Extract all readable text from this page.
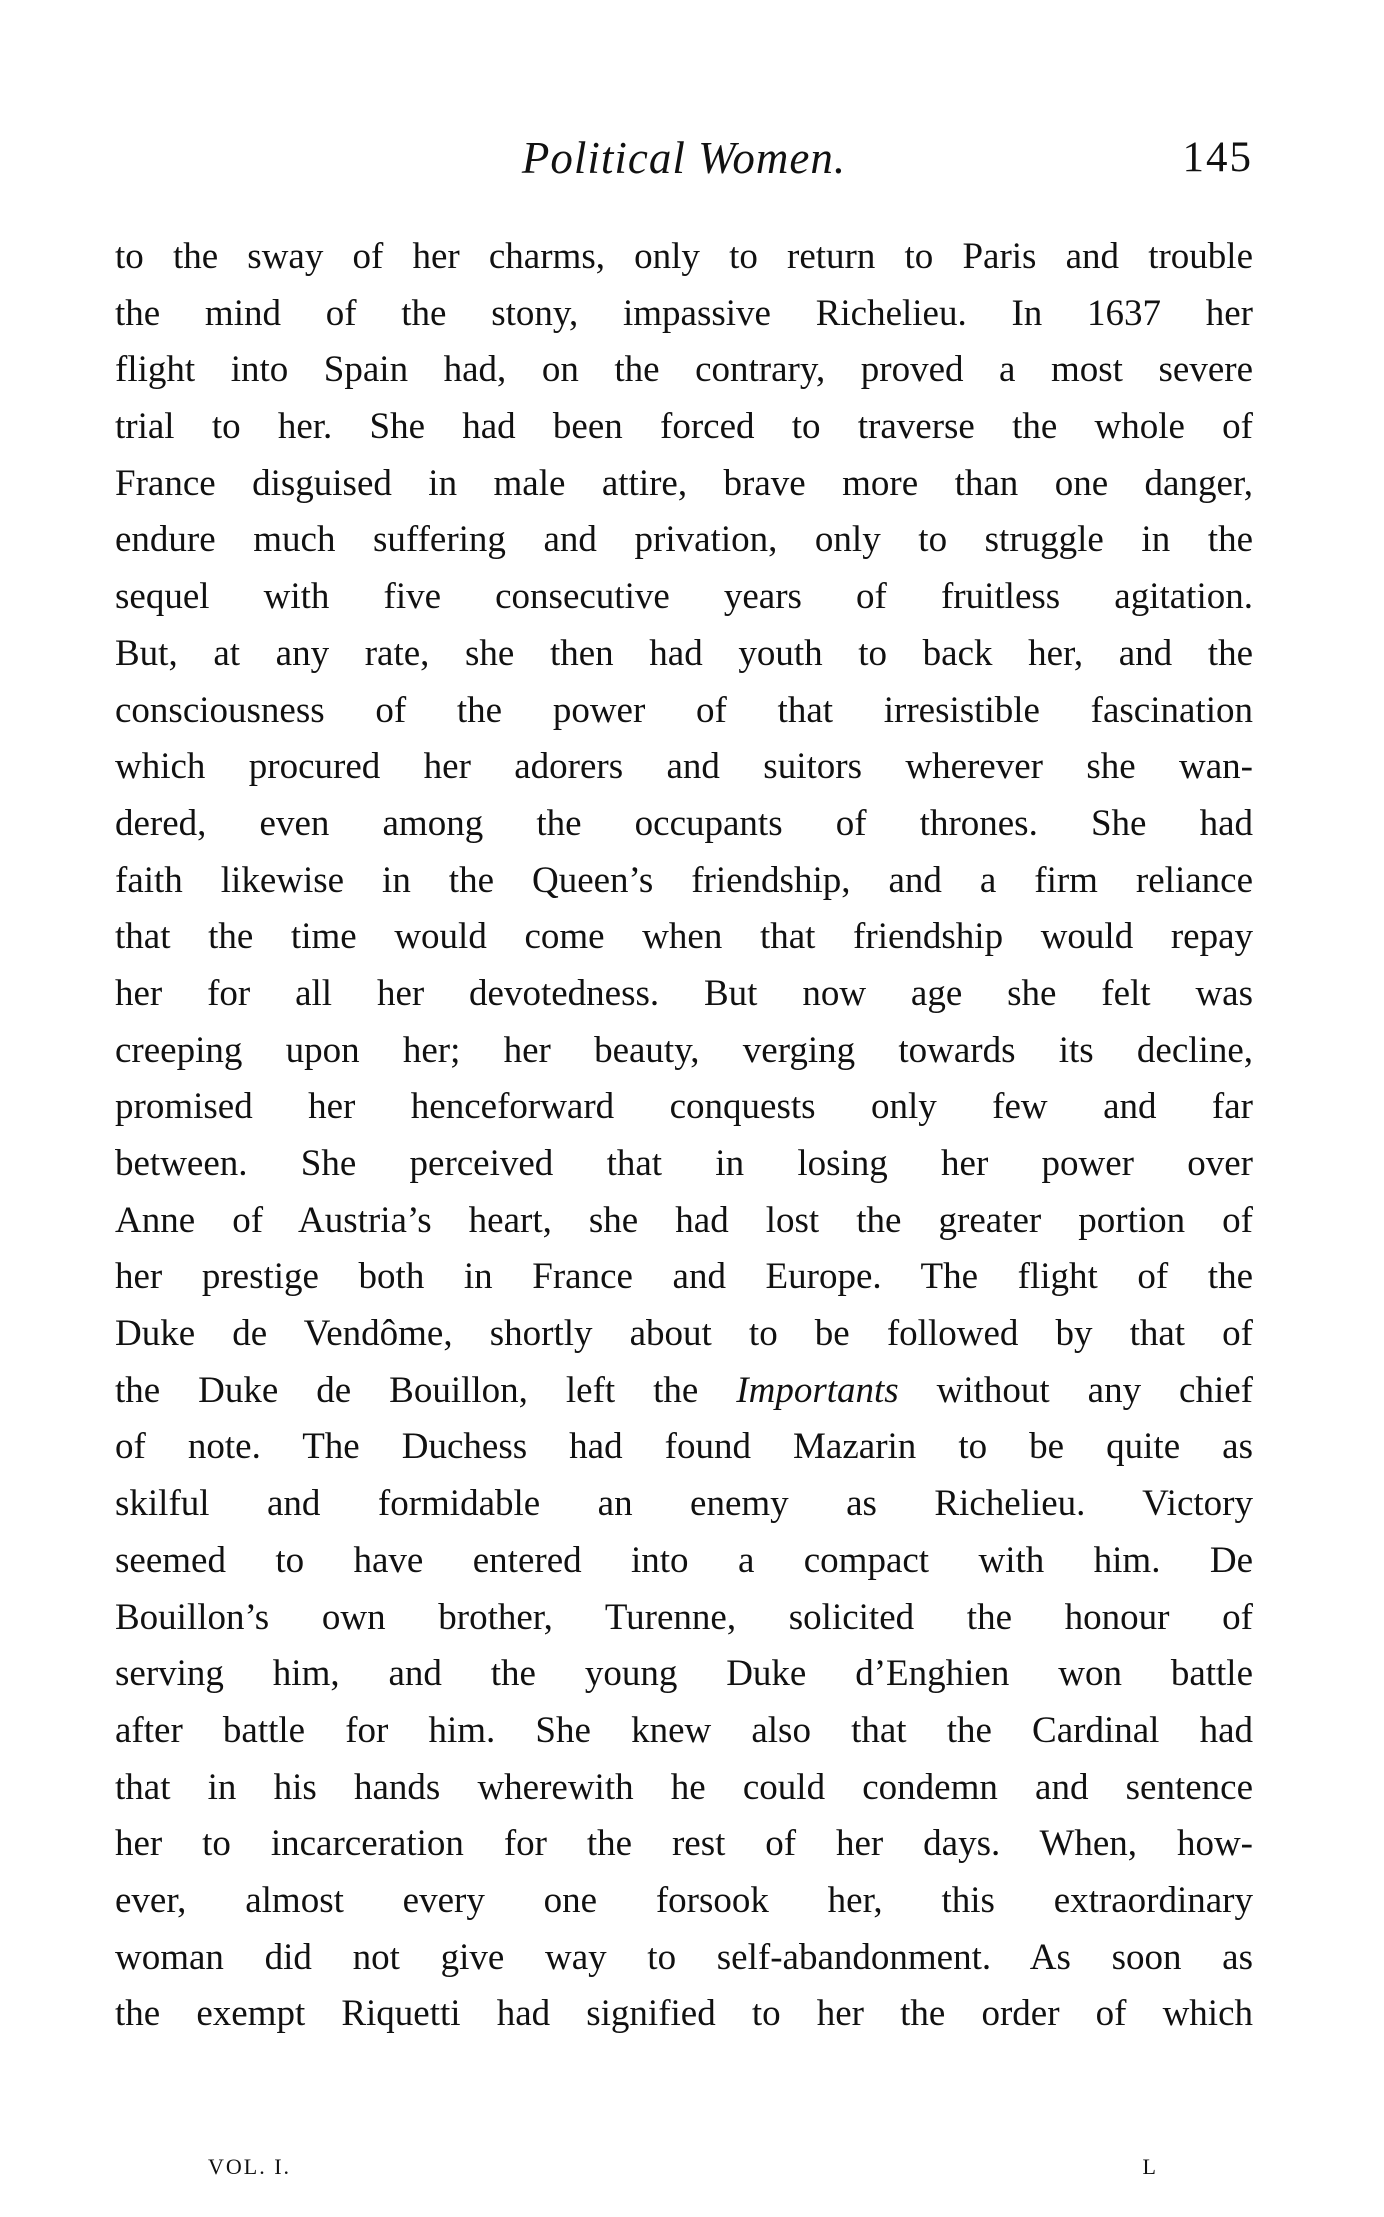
Political Women.	145
to the sway of her charms, only to return to Paris and trouble
the mind of the stony, impassive Richelieu. In 1637 her
flight into Spain had, on the contrary, proved a most severe
trial to her. She had been forced to traverse the whole of
France disguised in male attire, brave more than one danger,
endure much suffering and privation, only to struggle in the
sequel with five consecutive years of fruitless agitation.
But, at any rate, she then had youth to back her, and the
consciousness of the power of that irresistible fascination
which procured her adorers and suitors wherever she wan-
dered, even among the occupants of thrones. She had
faith likewise in the Queen’s friendship, and a firm reliance
that the time would come when that friendship would repay
her for all her devotedness. But now age she felt was
creeping upon her; her beauty, verging towards its decline,
promised her henceforward conquests only few and far
between. She perceived that in losing her power over
Anne of Austria’s heart, she had lost the greater portion of
her prestige both in France and Europe. The flight of the
Duke de Vendôme, shortly about to be followed by that of
the Duke de Bouillon, left the Importants without any chief
of note. The Duchess had found Mazarin to be quite as
skilful and formidable an enemy as Richelieu. Victory
seemed to have entered into a compact with him. De
Bouillon’s own brother, Turenne, solicited the honour of
serving him, and the young Duke d’Enghien won battle
after battle for him. She knew also that the Cardinal had
that in his hands wherewith he could condemn and sentence
her to incarceration for the rest of her days. When, how-
ever, almost every one forsook her, this extraordinary
woman did not give way to self-abandonment. As soon as
the exempt Riquetti had signified to her the order of which
VOL. I.	L
